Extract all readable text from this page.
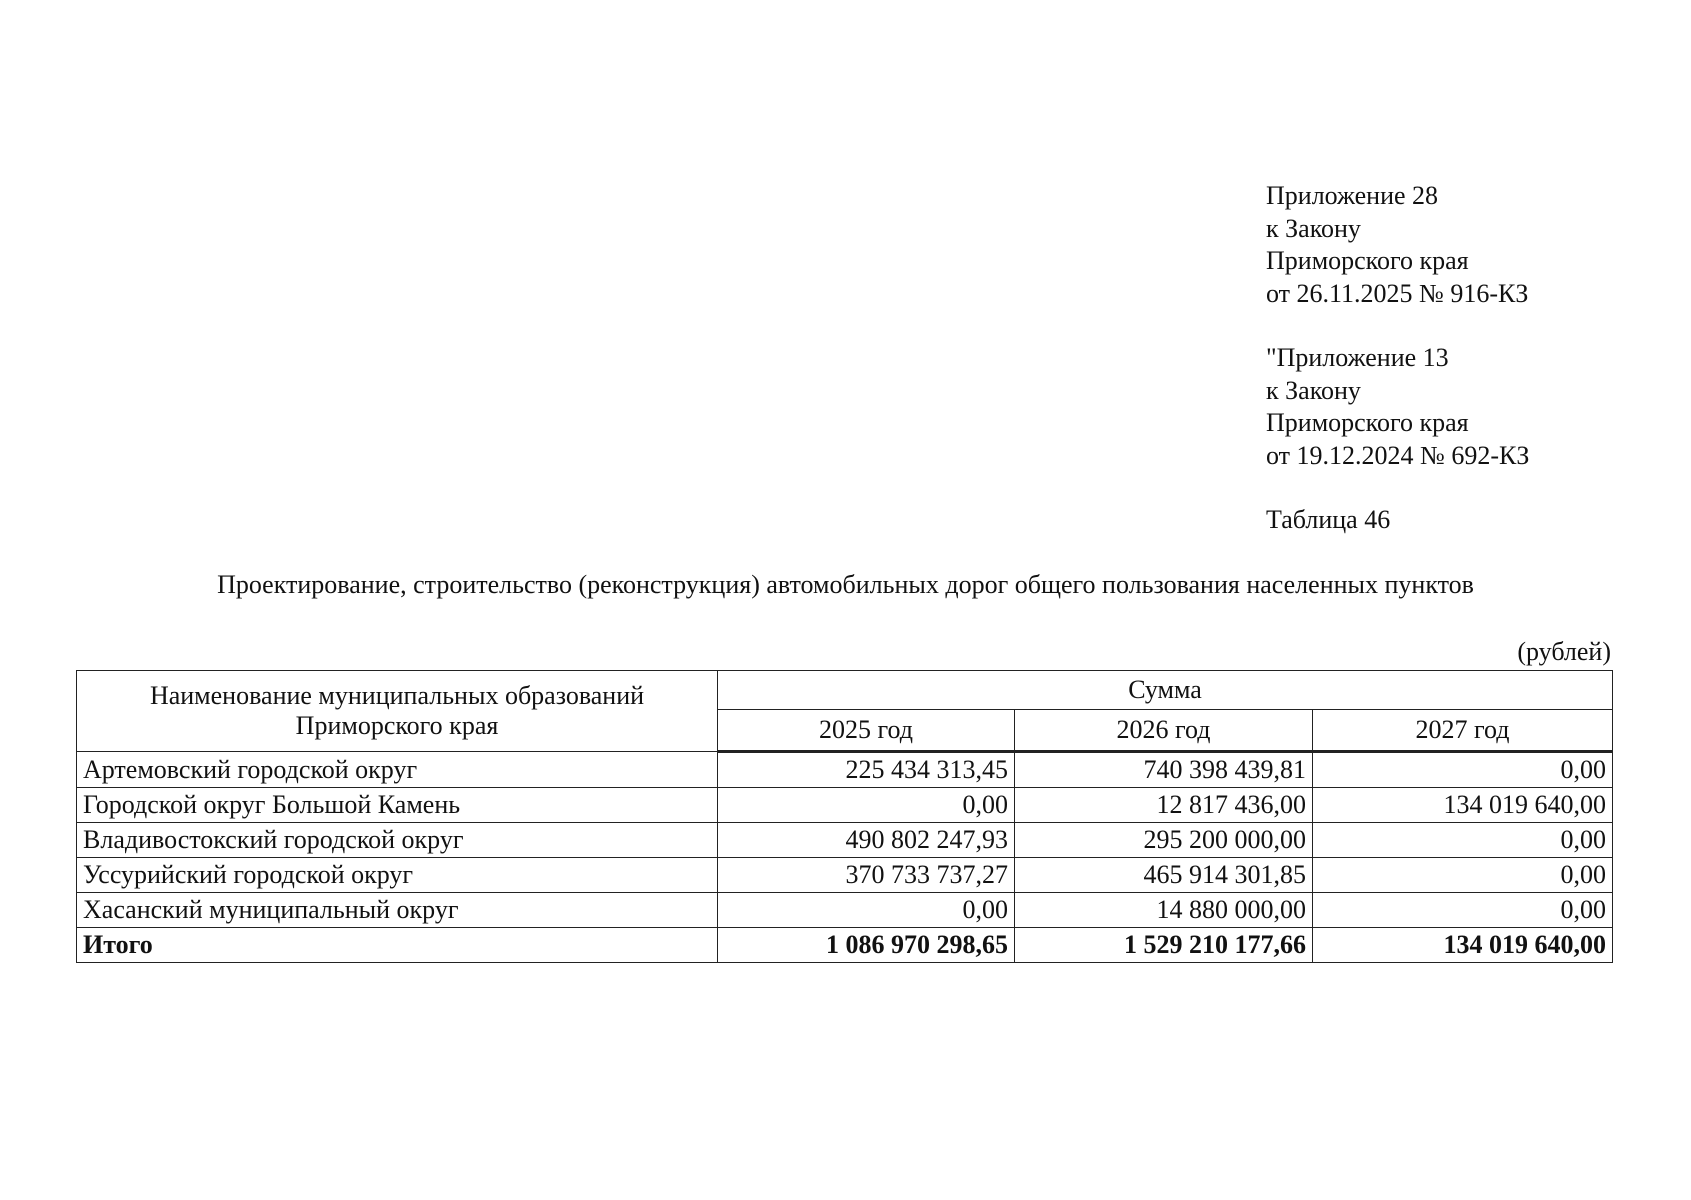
Приложение 28
к Закону
Приморского края
от 26.11.2025 № 916-КЗ
"Приложение 13
к Закону
Приморского края
от 19.12.2024 № 692-КЗ
Таблица 46
Проектирование, строительство (реконструкция) автомобильных дорог общего пользования населенных пунктов
(рублей)
Наименование муниципальных образований Приморского края	Сумма		
	2025 год	2026 год	2027 год
Артемовский городской округ	225 434 313,45	740 398 439,81	0,00
Городской округ Большой Камень	0,00	12 817 436,00	134 019 640,00
Владивостокский городской округ	490 802 247,93	295 200 000,00	0,00
Уссурийский городской округ	370 733 737,27	465 914 301,85	0,00
Хасанский муниципальный округ	0,00	14 880 000,00	0,00
Итого	1 086 970 298,65	1 529 210 177,66	134 019 640,00
